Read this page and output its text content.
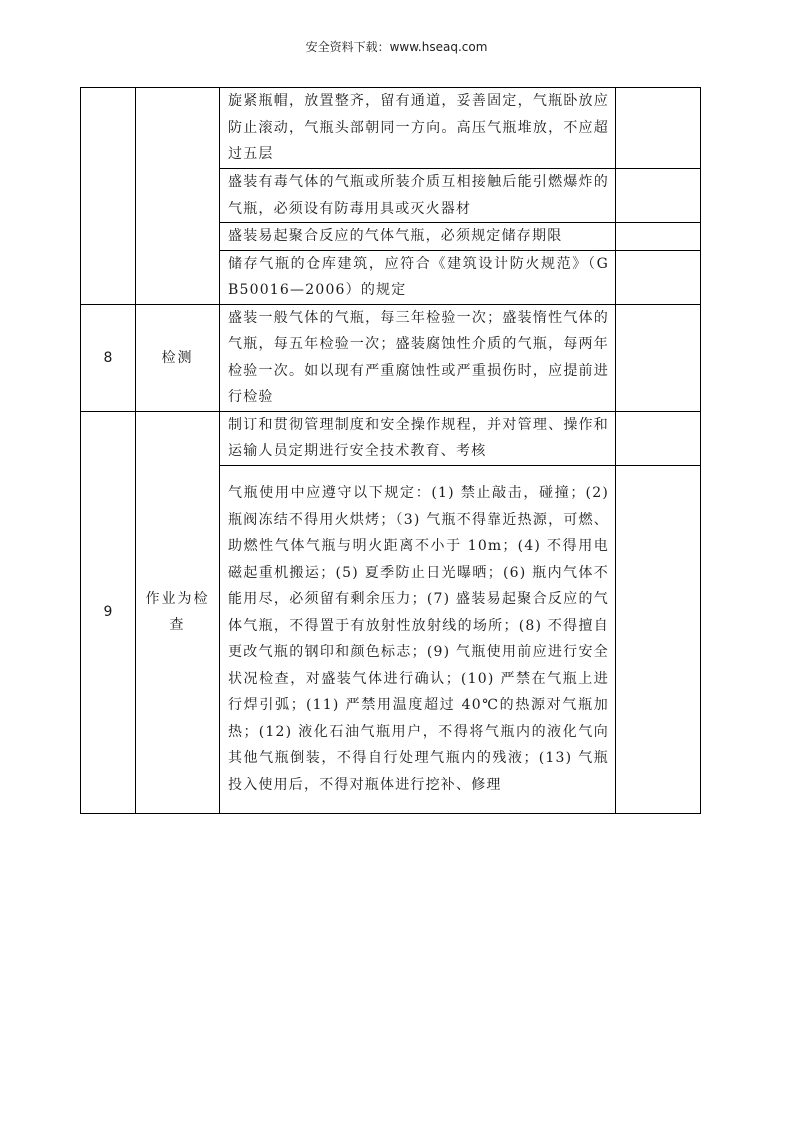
安全资料下载：www.hseaq.com
		旋紧瓶帽，放置整齐，留有通道，妥善固定，气瓶卧放应防止滚动，气瓶头部朝同一方向。高压气瓶堆放，不应超过五层	
		盛装有毒气体的气瓶或所装介质互相接触后能引燃爆炸的气瓶，必须设有防毒用具或灭火器材	
		盛装易起聚合反应的气体气瓶，必须规定储存期限	
		储存气瓶的仓库建筑，应符合《建筑设计防火规范》（GB50016—2006）的规定	
8	检测	盛装一般气体的气瓶，每三年检验一次；盛装惰性气体的气瓶，每五年检验一次；盛装腐蚀性介质的气瓶，每两年检验一次。如以现有严重腐蚀性或严重损伤时，应提前进行检验	
9	作业为检查	制订和贯彻管理制度和安全操作规程，并对管理、操作和运输人员定期进行安全技术教育、考核	
		气瓶使用中应遵守以下规定：(1) 禁止敲击，碰撞；(2) 瓶阀冻结不得用火烘烤；（3) 气瓶不得靠近热源，可燃、助燃性气体气瓶与明火距离不小于 10m；(4) 不得用电磁起重机搬运；(5) 夏季防止日光曝晒；(6) 瓶内气体不能用尽，必须留有剩余压力；(7) 盛装易起聚合反应的气体气瓶，不得置于有放射性放射线的场所；(8) 不得擅自更改气瓶的钢印和颜色标志；(9) 气瓶使用前应进行安全状况检查，对盛装气体进行确认；(10) 严禁在气瓶上进行焊引弧；(11) 严禁用温度超过 40℃的热源对气瓶加热；(12) 液化石油气瓶用户，不得将气瓶内的液化气向其他气瓶倒装，不得自行处理气瓶内的残液；(13) 气瓶投入使用后，不得对瓶体进行挖补、修理	
